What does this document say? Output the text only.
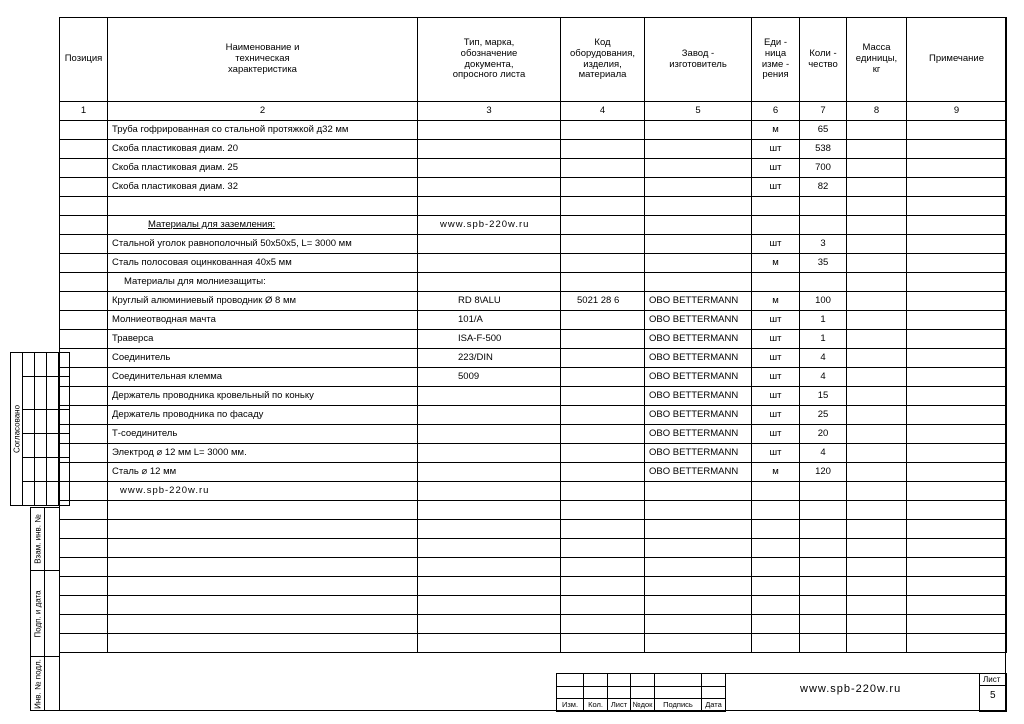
Согласовано				

Взам. инв. №	

Подп. и дата	

Инв. № подл.	

Позиция	Наименование и техническая характеристика	Тип, марка, обозначение документа, опросного листа	Код оборудования, изделия, материала	Завод - изготовитель	Еди - ница изме - рения	Коли - чество	Масса единицы, кг	Примечание
1	2	3	4	5	6	7	8	9
	Труба гофрированная со стальной протяжкой д32 мм				м	65		
	Скоба пластиковая диам. 20				шт	538		
	Скоба пластиковая диам. 25				шт	700		
	Скоба пластиковая диам. 32				шт	82		

	Материалы для заземления:	www.spb-220w.ru						
	Стальной уголок равнополочный 50х50х5, L= 3000 мм				шт	3		
	Сталь полосовая оцинкованная 40х5 мм				м	35		
	Материалы для молниезащиты:							
	Круглый алюминиевый проводник Ø 8 мм	RD 8\ALU	5021 28 6	OBO BETTERMANN	м	100		
	Молниеотводная мачта	101/A		OBO BETTERMANN	шт	1		
	Траверса	ISA-F-500		OBO BETTERMANN	шт	1		
	Соединитель	223/DIN		OBO BETTERMANN	шт	4		
	Соединительная клемма	5009		OBO BETTERMANN	шт	4		
	Держатель проводника кровельный по коньку			OBO BETTERMANN	шт	15		
	Держатель проводника по фасаду			OBO BETTERMANN	шт	25		
	Т-соединитель			OBO BETTERMANN	шт	20		
	Электрод ⌀ 12 мм L= 3000 мм.			OBO BETTERMANN	шт	4		
	Сталь ⌀ 12 мм			OBO BETTERMANN	м	120		
	www.spb-220w.ru							

Изм.	Кол.	Лист	№док	Подпись	Дата

www.spb-220w.ru
Лист
5
